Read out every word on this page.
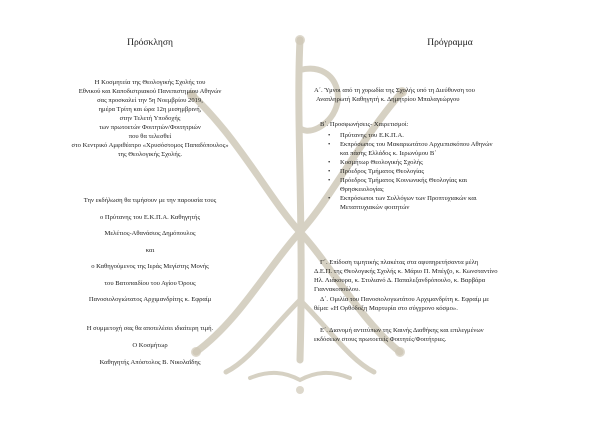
Πρόσκληση
Η Κοσμητεία της Θεολογικής Σχολής του
Εθνικού και Καποδιστριακού Πανεπιστημίου Αθηνών
σας προσκαλεί την 5η Νοεμβρίου 2019,
ημέρα Τρίτη και ώρα 12η μεσημβρινή,
στην Τελετή Υποδοχής
των πρωτοετών Φοιτητών/Φοιτητριών
που θα τελεσθεί
στο Κεντρικό Αμφιθέατρο «Χρυσόστομος Παπαδόπουλος»
της Θεολογικής Σχολής.
Την εκδήλωση θα τιμήσουν με την παρουσία τους
ο Πρύτανης του Ε.Κ.Π.Α. Καθηγητής
Μελέτιος-Αθανάσιος Δημόπουλος
και
ο Καθηγούμενος της Ιεράς Μεγίστης Μονής
του Βατοπαιδίου του Αγίου Όρους
Πανοσιολογιώτατος Αρχιμανδρίτης κ. Εφραίμ
Η συμμετοχή σας θα αποτελέσει ιδιαίτερη τιμή.
Ο Κοσμήτωρ
Καθηγητής Απόστολος Β. Νικολαΐδης
Πρόγραμμα
Α΄. Ύμνοι από τη χορωδία της Σχολής υπό τη Διεύθυνση του
Αναπληρωτή Καθηγητή κ. Δημητρίου Μπαλαγεώργου
Β΄. Προσφωνήσεις- Χαιρετισμοί:
• Πρύτανης του Ε.Κ.Π.Α.
• Εκπρόσωπος του Μακαριωτάτου Αρχιεπισκόπου Αθηνών
και πάσης Ελλάδος κ. Ιερωνύμου Β΄
• Κοσμήτωρ Θεολογικής Σχολής
• Πρόεδρος Τμήματος Θεολογίας
• Πρόεδρος Τμήματος Κοινωνικής Θεολογίας και
Θρησκειολογίας
• Εκπρόσωποι των Συλλόγων των Προπτυχιακών και
Μεταπτυχιακών φοιτητών
Γ΄. Επίδοση τιμητικής πλακέτας στα αφυπηρετήσαντα μέλη
Δ.Ε.Π. της Θεολογικής Σχολής κ. Μάριο Π. Μπέγζο, κ. Κωνσταντίνο
Ηλ. Λιάκουρα, κ. Στυλιανό Δ. Παπαλεξανδρόπουλο, κ. Βαρβάρα
Γιαννακοπούλου.
Δ΄. Ομιλία του Πανοσιολογιωτάτου Αρχιμανδρίτη κ. Εφραίμ με
θέμα: «Η Ορθόδοξη Μαρτυρία στο σύγχρονο κόσμο».
Ε΄. Διανομή αντιτύπων της Καινής Διαθήκης και επιλεγμένων
εκδόσεων στους πρωτοετείς Φοιτητές/Φοιτήτριες.
